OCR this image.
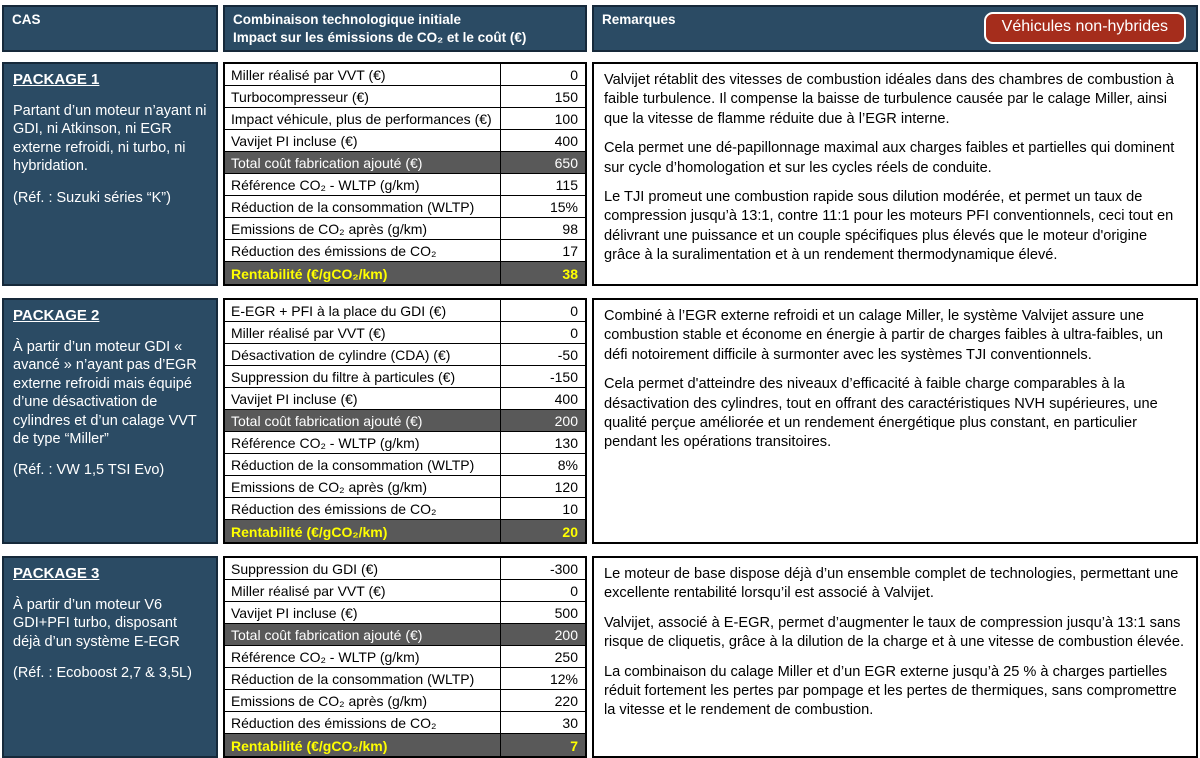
CAS	Combinaison technologique initiale
Impact sur les émissions de CO₂ et le coût (€)
Remarques	Véhicules non-hybrides
PACKAGE 1
Partant d’un moteur n’ayant ni GDI, ni Atkinson, ni EGR externe refroidi, ni turbo, ni hybridation.
(Réf. : Suzuki séries “K”)
Miller réalisé par VVT (€)	0
Turbocompresseur (€)	150
Impact véhicule, plus de performances (€)	100
Vavijet PI incluse (€)	400
Total coût fabrication ajouté (€)	650
Référence CO₂ - WLTP (g/km)	115
Réduction de la consommation (WLTP)	15%
Emissions de CO₂ après (g/km)	98
Réduction des émissions de CO₂	17
Rentabilité (€/gCO₂/km)	38

Valvijet rétablit des vitesses de combustion idéales dans des chambres de combustion à faible turbulence. Il compense la baisse de turbulence causée par le calage Miller, ainsi que la vitesse de flamme réduite due à l’EGR interne.

Cela permet une dé-papillonnage maximal aux charges faibles et partielles qui dominent sur cycle d’homologation et sur les cycles réels de conduite.

Le TJI promeut une combustion rapide sous dilution modérée, et permet un taux de compression jusqu’à 13:1, contre 11:1 pour les moteurs PFI conventionnels, ceci tout en délivrant une puissance et un couple spécifiques plus élevés que le moteur d'origine grâce à la suralimentation et à un rendement thermodynamique élevé.

PACKAGE 2
À partir d’un moteur GDI « avancé » n’ayant pas d’EGR externe refroidi mais équipé d’une désactivation de cylindres et d’un calage VVT de type “Miller”
(Réf. : VW 1,5 TSI Evo)
E-EGR + PFI à la place du GDI (€)	0
Miller réalisé par VVT (€)	0
Désactivation de cylindre (CDA) (€)	-50
Suppression du filtre à particules (€)	-150
Vavijet PI incluse (€)	400
Total coût fabrication ajouté (€)	200
Référence CO₂ - WLTP (g/km)	130
Réduction de la consommation (WLTP)	8%
Emissions de CO₂ après (g/km)	120
Réduction des émissions de CO₂	10
Rentabilité (€/gCO₂/km)	20

Combiné à l’EGR externe refroidi et un calage Miller, le système Valvijet assure une combustion stable et économe en énergie à partir de charges faibles à ultra-faibles, un défi notoirement difficile à surmonter avec les systèmes TJI conventionnels.

Cela permet d'atteindre des niveaux d’efficacité à faible charge comparables à la désactivation des cylindres, tout en offrant des caractéristiques NVH supérieures, une qualité perçue améliorée et un rendement énergétique plus constant, en particulier pendant les opérations transitoires.

PACKAGE 3
À partir d’un moteur V6 GDI+PFI turbo, disposant déjà d’un système E-EGR
(Réf. : Ecoboost 2,7 & 3,5L)
Suppression du GDI (€)	-300
Miller réalisé par VVT (€)	0
Vavijet PI incluse (€)	500
Total coût fabrication ajouté (€)	200
Référence CO₂ - WLTP (g/km)	250
Réduction de la consommation (WLTP)	12%
Emissions de CO₂ après (g/km)	220
Réduction des émissions de CO₂	30
Rentabilité (€/gCO₂/km)	7

Le moteur de base dispose déjà d’un ensemble complet de technologies, permettant une excellente rentabilité lorsqu’il est associé à Valvijet.

Valvijet, associé à E-EGR, permet d’augmenter le taux de compression jusqu’à 13:1 sans risque de cliquetis, grâce à la dilution de la charge et à une vitesse de combustion élevée.

La combinaison du calage Miller et d’un EGR externe jusqu’à 25 % à charges partielles réduit fortement les pertes par pompage et les pertes de thermiques, sans compromettre la vitesse et le rendement de combustion.
